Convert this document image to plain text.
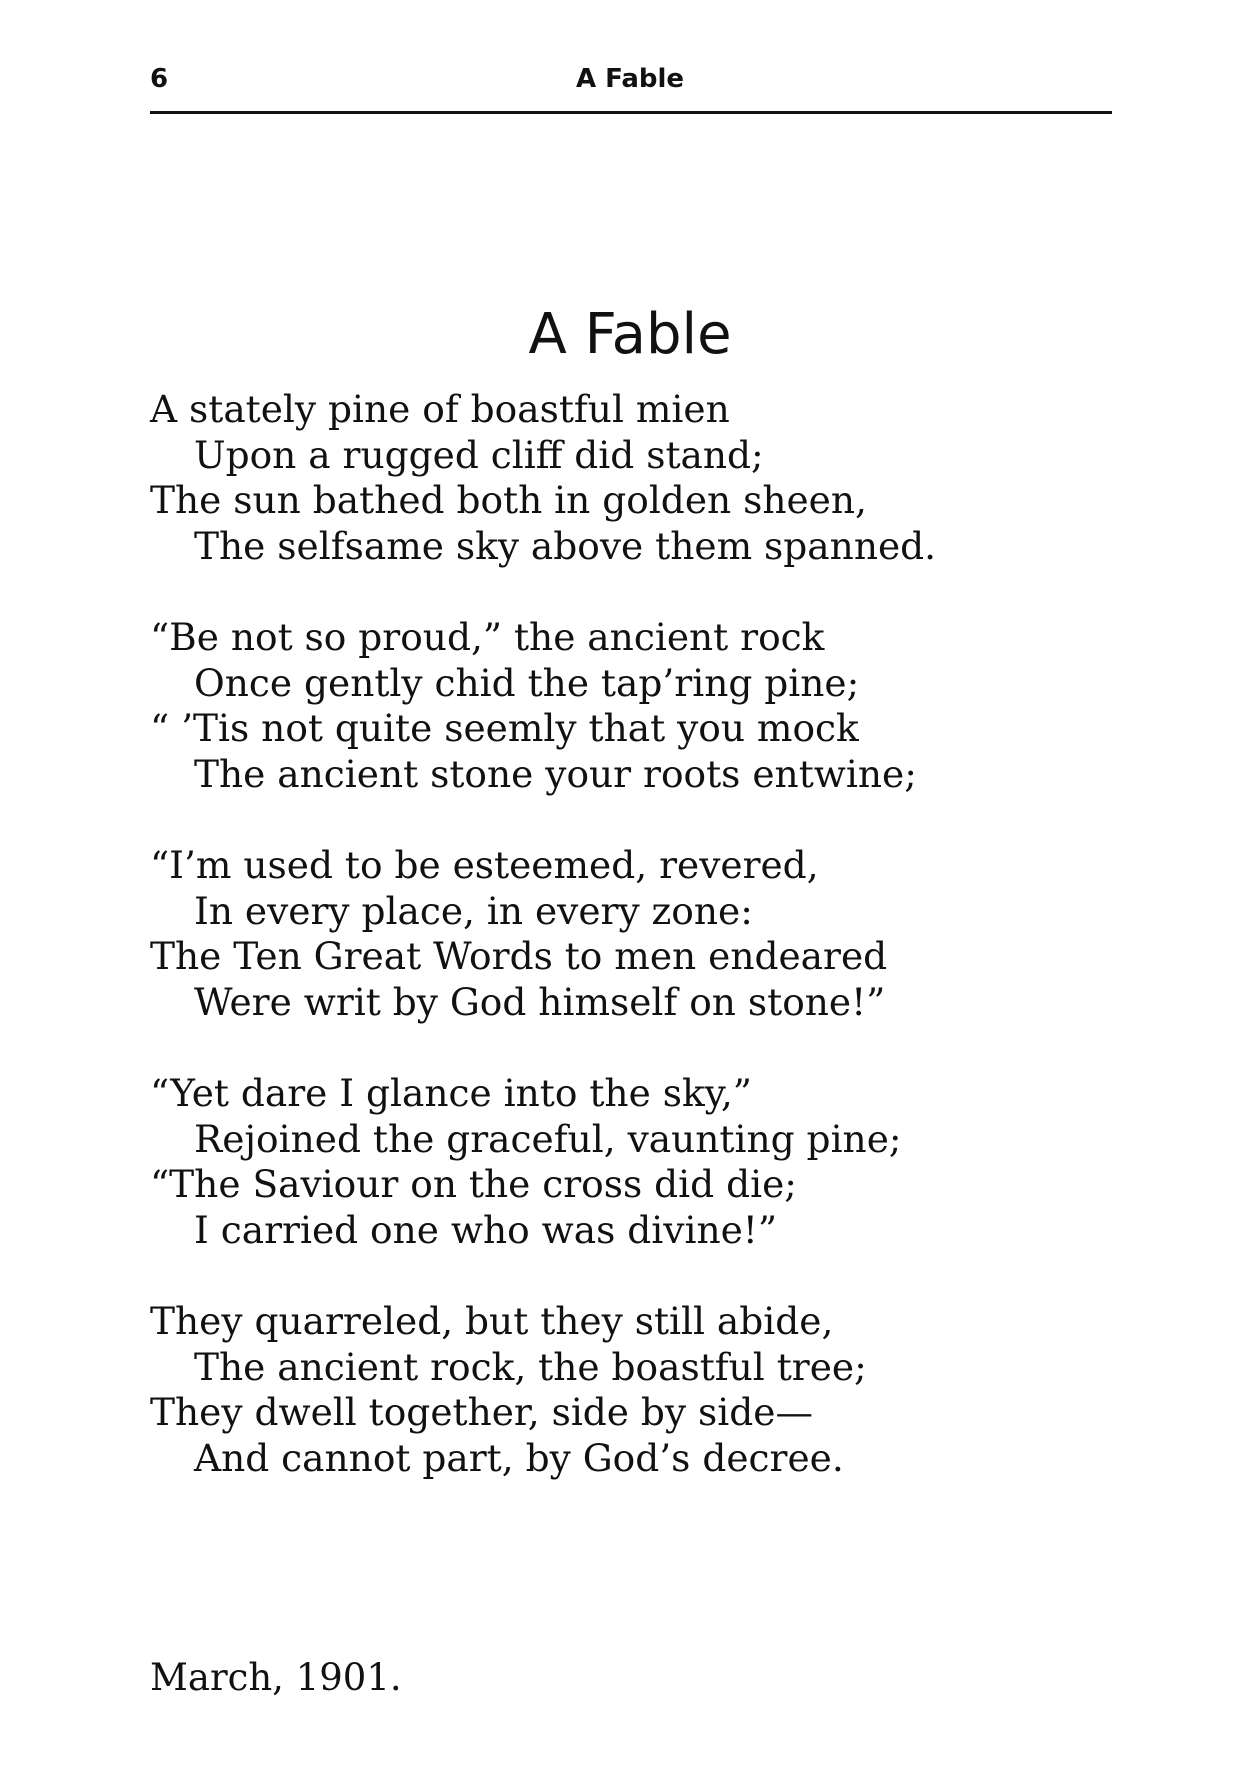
6	A Fable
A Fable
A stately pine of boastful mien
Upon a rugged cliff did stand;
The sun bathed both in golden sheen,
The selfsame sky above them spanned.
“Be not so proud,” the ancient rock
Once gently chid the tap’ring pine;
“ ’Tis not quite seemly that you mock
The ancient stone your roots entwine;
“I’m used to be esteemed, revered,
In every place, in every zone:
The Ten Great Words to men endeared
Were writ by God himself on stone!”
“Yet dare I glance into the sky,”
Rejoined the graceful, vaunting pine;
“The Saviour on the cross did die;
I carried one who was divine!”
They quarreled, but they still abide,
The ancient rock, the boastful tree;
They dwell together, side by side—
And cannot part, by God’s decree.
March, 1901.
